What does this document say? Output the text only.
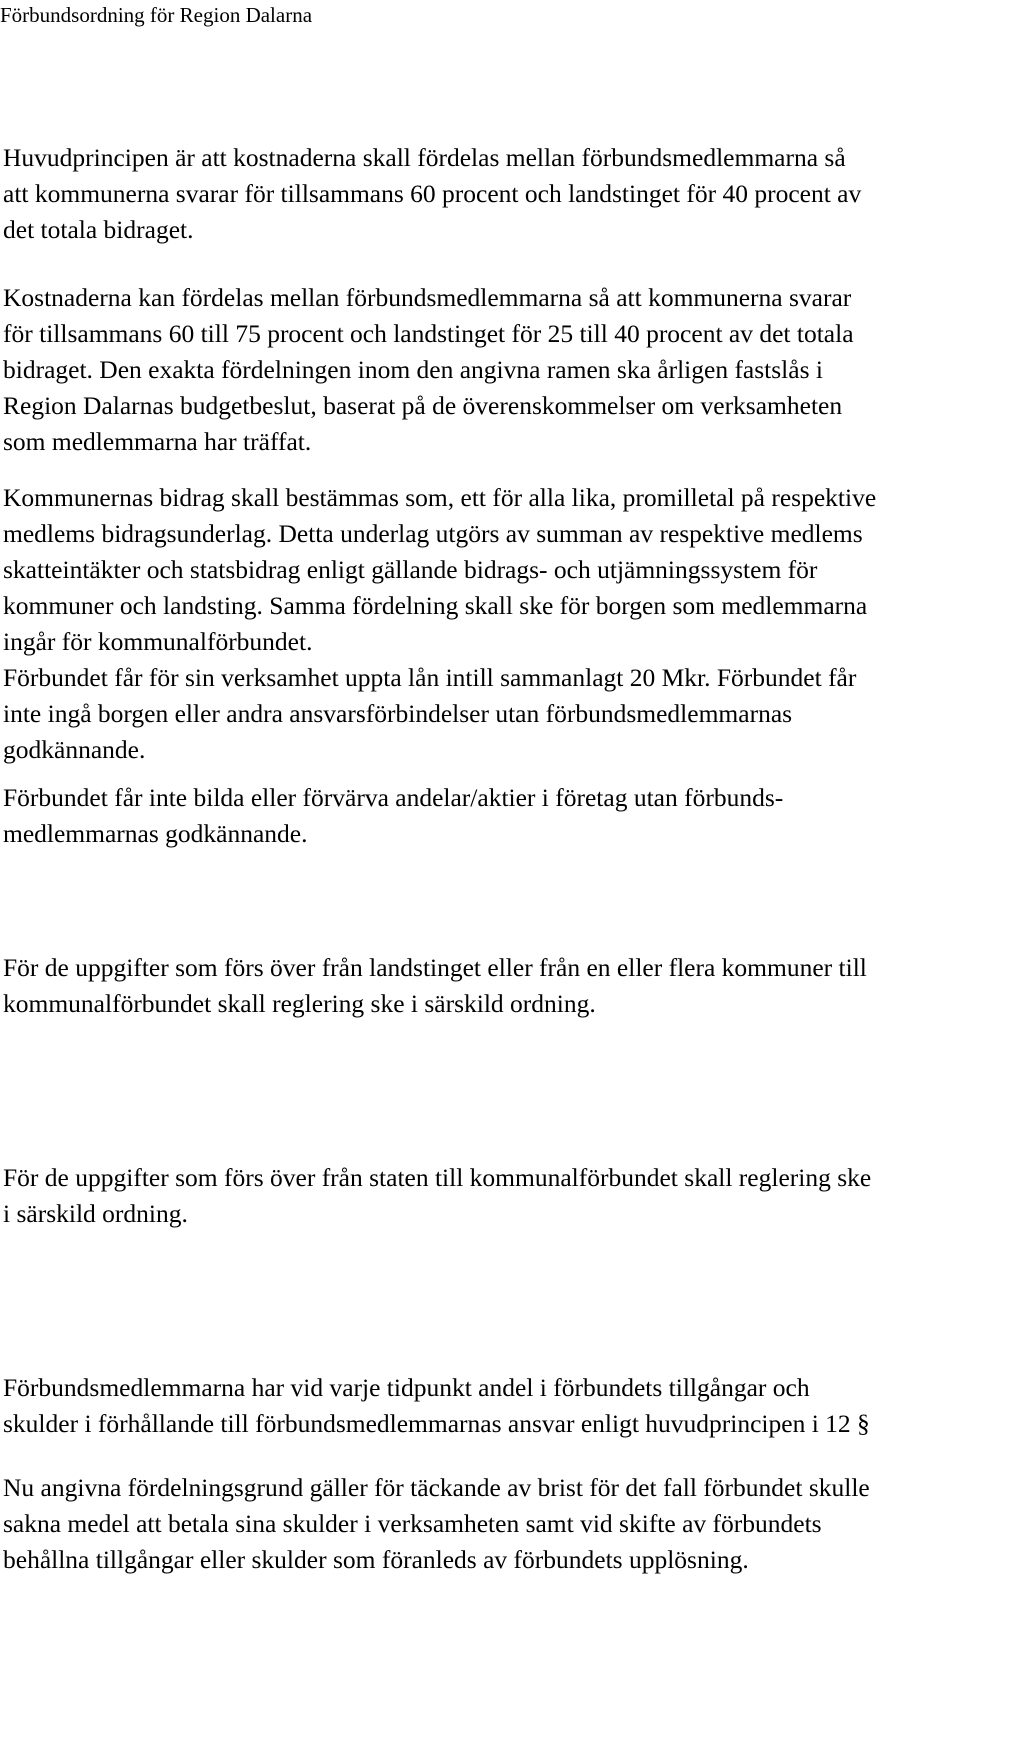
Förbundsordning för Region Dalarna
Huvudprincipen är att kostnaderna skall fördelas mellan förbundsmedlemmarna så
att kommunerna svarar för tillsammans 60 procent och landstinget för 40 procent av
det totala bidraget.
Kostnaderna kan fördelas mellan förbundsmedlemmarna så att kommunerna svarar
för tillsammans 60 till 75 procent och landstinget för 25 till 40 procent av det totala
bidraget. Den exakta fördelningen inom den angivna ramen ska årligen fastslås i
Region Dalarnas budgetbeslut, baserat på de överenskommelser om verksamheten
som medlemmarna har träffat.
Kommunernas bidrag skall bestämmas som, ett för alla lika, promilletal på respektive
medlems bidragsunderlag. Detta underlag utgörs av summan av respektive medlems
skatteintäkter och statsbidrag enligt gällande bidrags- och utjämningssystem för
kommuner och landsting. Samma fördelning skall ske för borgen som medlemmarna
ingår för kommunalförbundet.
Förbundet får för sin verksamhet uppta lån intill sammanlagt 20 Mkr. Förbundet får
inte ingå borgen eller andra ansvarsförbindelser utan förbundsmedlemmarnas
godkännande.
Förbundet får inte bilda eller förvärva andelar/aktier i företag utan förbunds-
medlemmarnas godkännande.
För de uppgifter som förs över från landstinget eller från en eller flera kommuner till
kommunalförbundet skall reglering ske i särskild ordning.
För de uppgifter som förs över från staten till kommunalförbundet skall reglering ske
i särskild ordning.
Förbundsmedlemmarna har vid varje tidpunkt andel i förbundets tillgångar och
skulder i förhållande till förbundsmedlemmarnas ansvar enligt huvudprincipen i 12 §
Nu angivna fördelningsgrund gäller för täckande av brist för det fall förbundet skulle
sakna medel att betala sina skulder i verksamheten samt vid skifte av förbundets
behållna tillgångar eller skulder som föranleds av förbundets upplösning.
